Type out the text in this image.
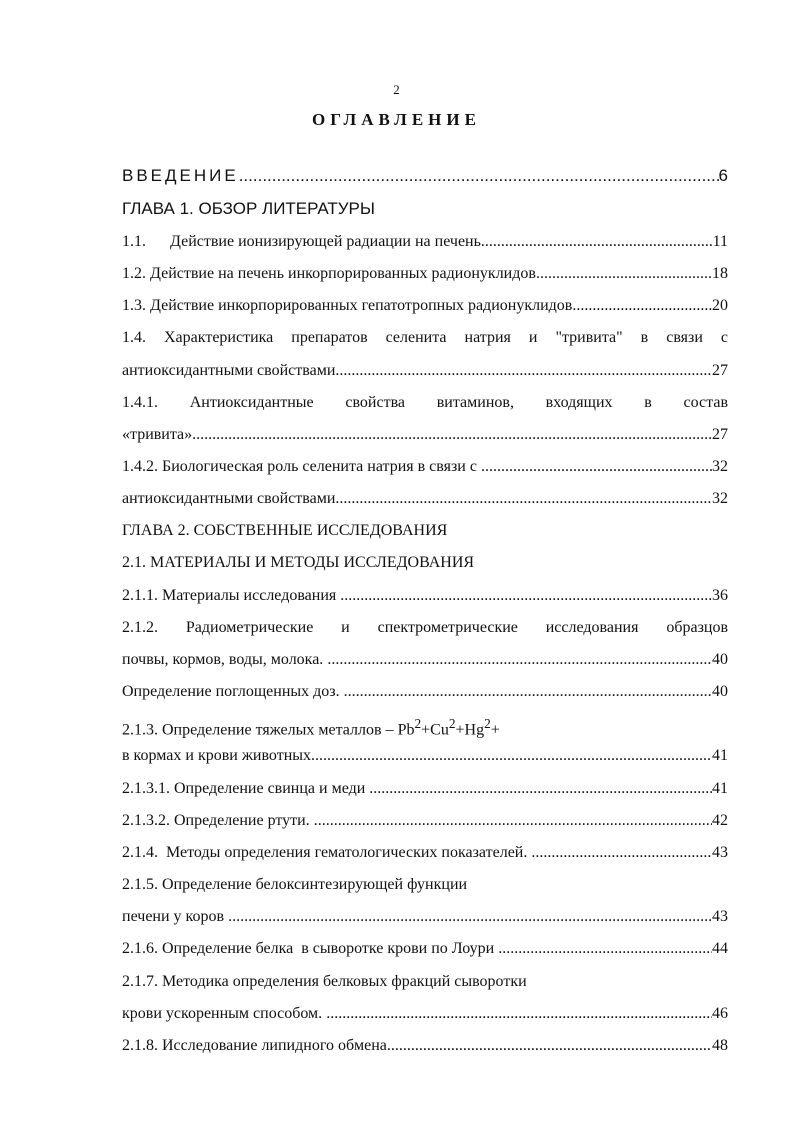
2
ОГЛАВЛЕНИЕ
ВВЕДЕНИЕ .....	6
ГЛАВА 1. ОБЗОР ЛИТЕРАТУРЫ
1.1.      Действие ионизирующей радиации на печень .....	11
1.2. Действие на печень инкорпорированных радионуклидов .....	18
1.3. Действие инкорпорированных гепатотропных радионуклидов .....	20
1.4. Характеристика препаратов селенита натрия и "тривита" в связи с
антиоксидантными свойствами .....	27
1.4.1. Антиоксидантные свойства витаминов, входящих в состав
«тривита» .....	27
1.4.2. Биологическая роль селенита натрия в связи с .....	32
антиоксидантными свойствами .....	32
ГЛАВА 2. СОБСТВЕННЫЕ ИССЛЕДОВАНИЯ
2.1. МАТЕРИАЛЫ И МЕТОДЫ ИССЛЕДОВАНИЯ
2.1.1. Материалы исследования .....	36
2.1.2. Радиометрические и спектрометрические исследования образцов
почвы, кормов, воды, молока. .....	40
Определение поглощенных доз. .....	40
2.1.3. Определение тяжелых металлов – $Pb^2+Cu^2+Hg^2+$
в кормах и крови животных .....	41
2.1.3.1. Определение свинца и меди .....	41
2.1.3.2. Определение ртути. .....	42
2.1.4.  Методы определения гематологических показателей. .....	43
2.1.5. Определение белоксинтезирующей функции
печени у коров .....	43
2.1.6. Определение белка  в сыворотке крови по Лоури .....	44
2.1.7. Методика определения белковых фракций сыворотки
крови ускоренным способом. .....	46
2.1.8. Исследование липидного обмена .....	48
